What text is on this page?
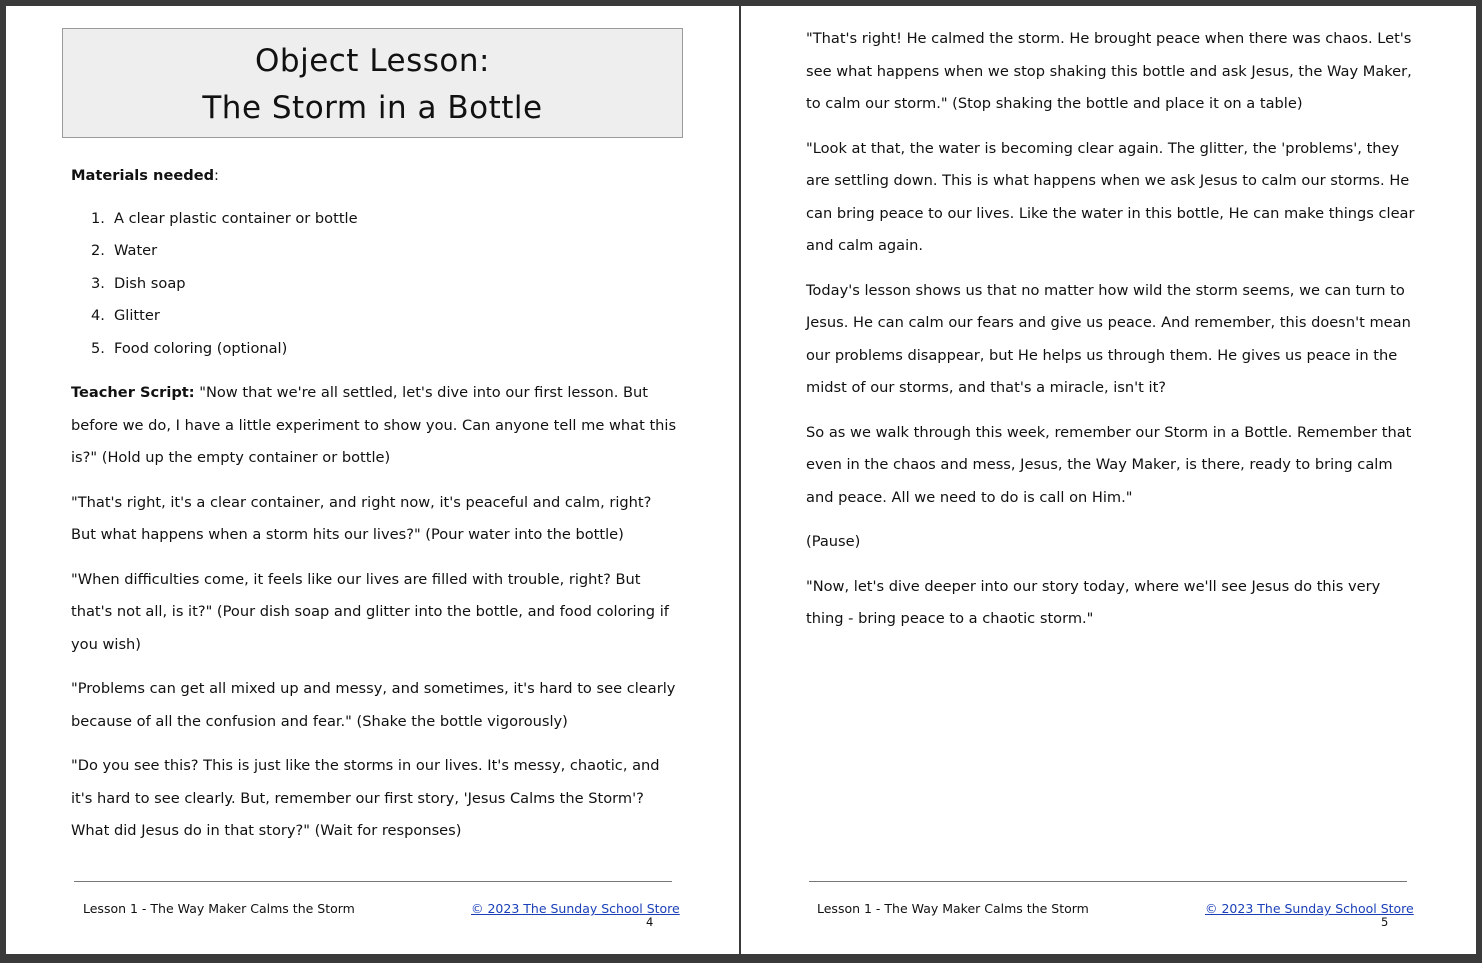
Object Lesson:
The Storm in a Bottle

Materials needed:

1. A clear plastic container or bottle
2. Water
3. Dish soap
4. Glitter
5. Food coloring (optional)

Teacher Script: "Now that we're all settled, let's dive into our first lesson. But before we do, I have a little experiment to show you. Can anyone tell me what this is?" (Hold up the empty container or bottle)

"That's right, it's a clear container, and right now, it's peaceful and calm, right? But what happens when a storm hits our lives?" (Pour water into the bottle)

"When difficulties come, it feels like our lives are filled with trouble, right? But that's not all, is it?" (Pour dish soap and glitter into the bottle, and food coloring if you wish)

"Problems can get all mixed up and messy, and sometimes, it's hard to see clearly because of all the confusion and fear." (Shake the bottle vigorously)

"Do you see this? This is just like the storms in our lives. It's messy, chaotic, and it's hard to see clearly. But, remember our first story, 'Jesus Calms the Storm'? What did Jesus do in that story?" (Wait for responses)

Lesson 1 - The Way Maker Calms the Storm	© 2023 The Sunday School Store
4

"That's right! He calmed the storm. He brought peace when there was chaos. Let's see what happens when we stop shaking this bottle and ask Jesus, the Way Maker, to calm our storm." (Stop shaking the bottle and place it on a table)

"Look at that, the water is becoming clear again. The glitter, the 'problems', they are settling down. This is what happens when we ask Jesus to calm our storms. He can bring peace to our lives. Like the water in this bottle, He can make things clear and calm again.

Today's lesson shows us that no matter how wild the storm seems, we can turn to Jesus. He can calm our fears and give us peace. And remember, this doesn't mean our problems disappear, but He helps us through them. He gives us peace in the midst of our storms, and that's a miracle, isn't it?

So as we walk through this week, remember our Storm in a Bottle. Remember that even in the chaos and mess, Jesus, the Way Maker, is there, ready to bring calm and peace. All we need to do is call on Him."

(Pause)

"Now, let's dive deeper into our story today, where we'll see Jesus do this very thing - bring peace to a chaotic storm."

Lesson 1 - The Way Maker Calms the Storm	© 2023 The Sunday School Store
5
